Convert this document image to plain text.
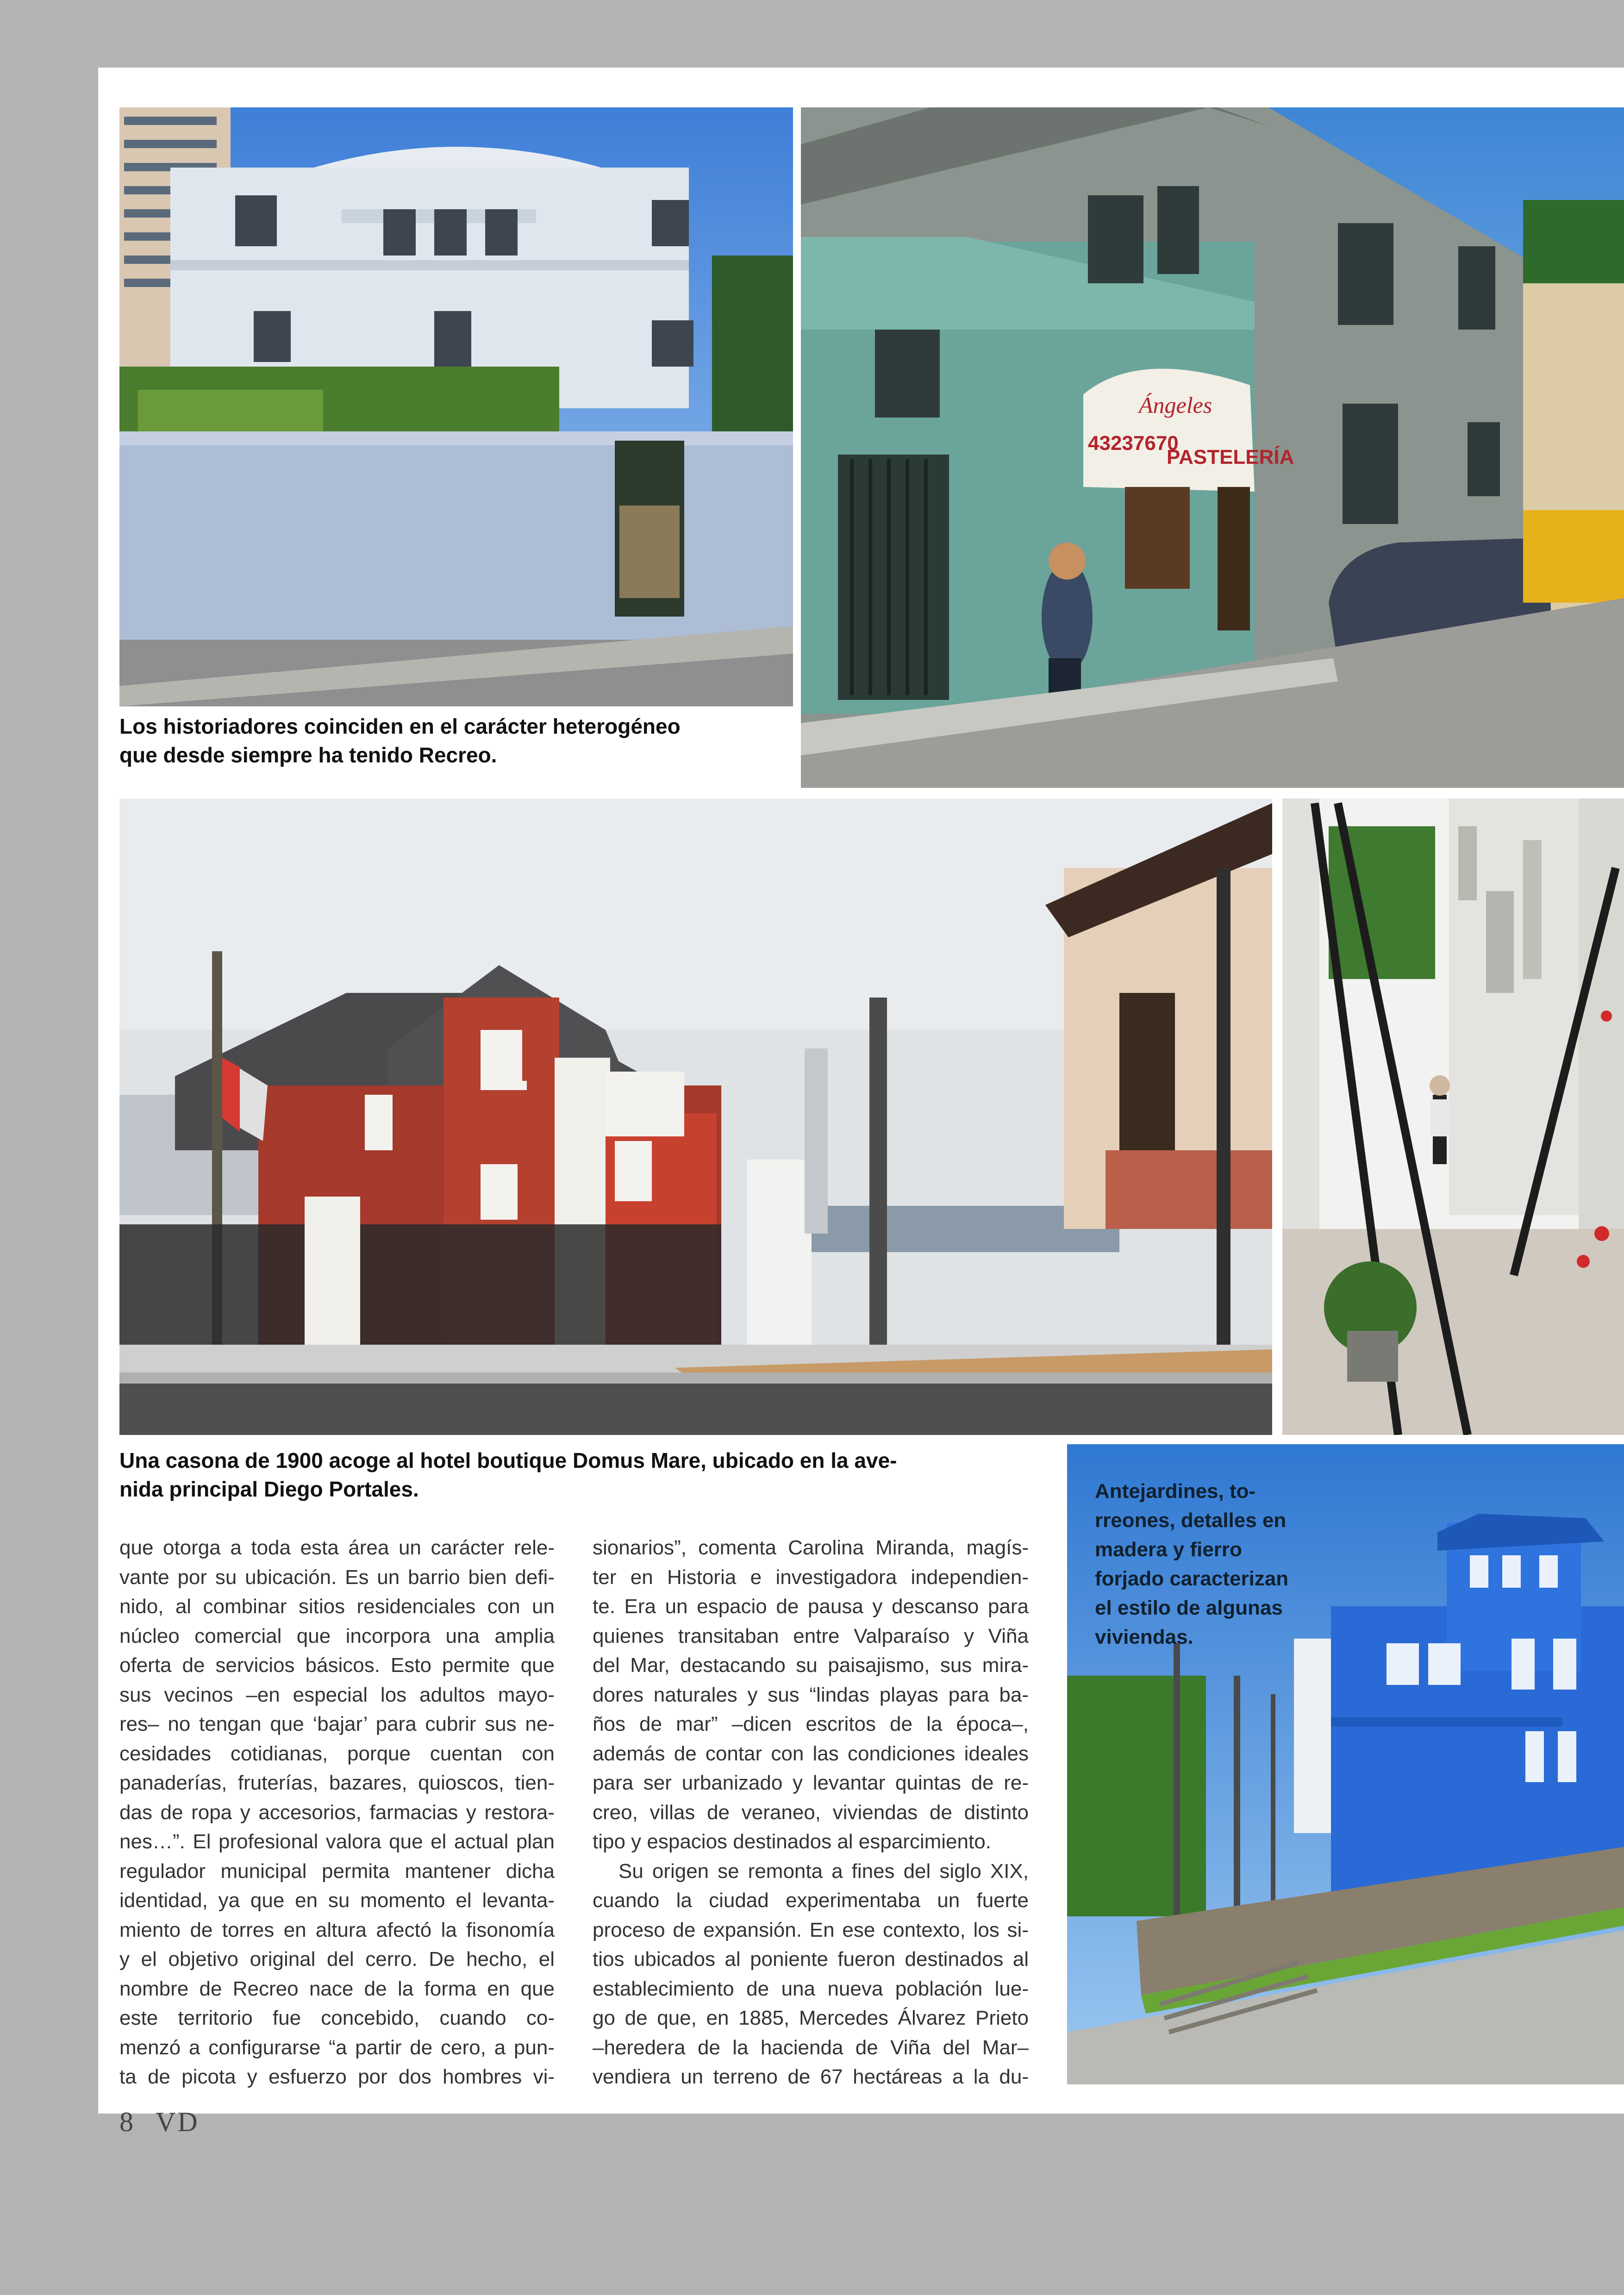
43237670
PASTELERÍA
Ángeles
Los historiadores coinciden en el carácter heterogéneo
que desde siempre ha tenido Recreo.
Una casona de 1900 acoge al hotel boutique Domus Mare, ubicado en la ave-
nida principal Diego Portales.	Antejardines, to-
rreones, detalles en
madera y fierro
forjado caracterizan
el estilo de algunas
viviendas.
que otorga a toda esta área un carácter rele-
vante por su ubicación. Es un barrio bien defi-
nido, al combinar sitios residenciales con un
núcleo comercial que incorpora una amplia
oferta de servicios básicos. Esto permite que
sus vecinos –en especial los adultos mayo-
res– no tengan que ‘bajar’ para cubrir sus ne-
cesidades cotidianas, porque cuentan con
panaderías, fruterías, bazares, quioscos, tien-
das de ropa y accesorios, farmacias y restora-
nes…”. El profesional valora que el actual plan
regulador municipal permita mantener dicha
identidad, ya que en su momento el levanta-
miento de torres en altura afectó la fisonomía
y el objetivo original del cerro. De hecho, el
nombre de Recreo nace de la forma en que
este territorio fue concebido, cuando co-
menzó a configurarse “a partir de cero, a pun-
ta de picota y esfuerzo por dos hombres vi-
sionarios”, comenta Carolina Miranda, magís-
ter en Historia e investigadora independien-
te. Era un espacio de pausa y descanso para
quienes transitaban entre Valparaíso y Viña
del Mar, destacando su paisajismo, sus mira-
dores naturales y sus “lindas playas para ba-
ños de mar” –dicen escritos de la época–,
además de contar con las condiciones ideales
para ser urbanizado y levantar quintas de re-
creo, villas de veraneo, viviendas de distinto
tipo y espacios destinados al esparcimiento.
Su origen se remonta a fines del siglo XIX,
cuando la ciudad experimentaba un fuerte
proceso de expansión. En ese contexto, los si-
tios ubicados al poniente fueron destinados al
establecimiento de una nueva población lue-
go de que, en 1885, Mercedes Álvarez Prieto
–heredera de la hacienda de Viña del Mar–
vendiera un terreno de 67 hectáreas a la du-
8 VD
